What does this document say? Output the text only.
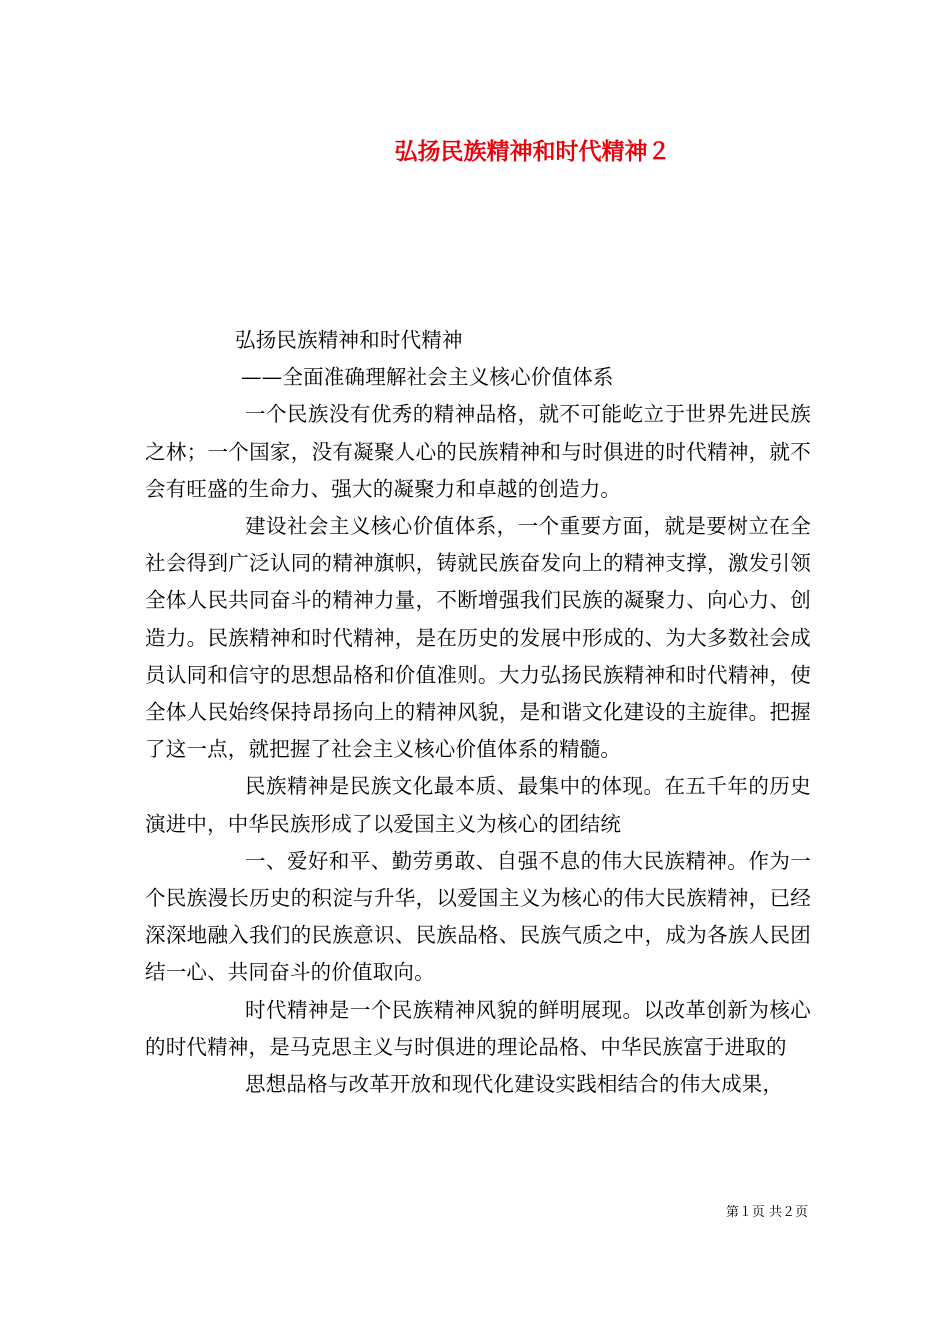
弘扬民族精神和时代精神２
弘扬民族精神和时代精神
——全面准确理解社会主义核心价值体系

一个民族没有优秀的精神品格，就不可能屹立于世界先进民族之林；一个国家，没有凝聚人心的民族精神和与时俱进的时代精神，就不会有旺盛的生命力、强大的凝聚力和卓越的创造力。

建设社会主义核心价值体系，一个重要方面，就是要树立在全社会得到广泛认同的精神旗帜，铸就民族奋发向上的精神支撑，激发引领全体人民共同奋斗的精神力量，不断增强我们民族的凝聚力、向心力、创造力。民族精神和时代精神，是在历史的发展中形成的、为大多数社会成员认同和信守的思想品格和价值准则。大力弘扬民族精神和时代精神，使全体人民始终保持昂扬向上的精神风貌，是和谐文化建设的主旋律。把握了这一点，就把握了社会主义核心价值体系的精髓。

民族精神是民族文化最本质、最集中的体现。在五千年的历史演进中，中华民族形成了以爱国主义为核心的团结统

一、爱好和平、勤劳勇敢、自强不息的伟大民族精神。作为一个民族漫长历史的积淀与升华，以爱国主义为核心的伟大民族精神，已经深深地融入我们的民族意识、民族品格、民族气质之中，成为各族人民团结一心、共同奋斗的价值取向。

时代精神是一个民族精神风貌的鲜明展现。以改革创新为核心的时代精神，是马克思主义与时俱进的理论品格、中华民族富于进取的

思想品格与改革开放和现代化建设实践相结合的伟大成果，

第１页 共２页
